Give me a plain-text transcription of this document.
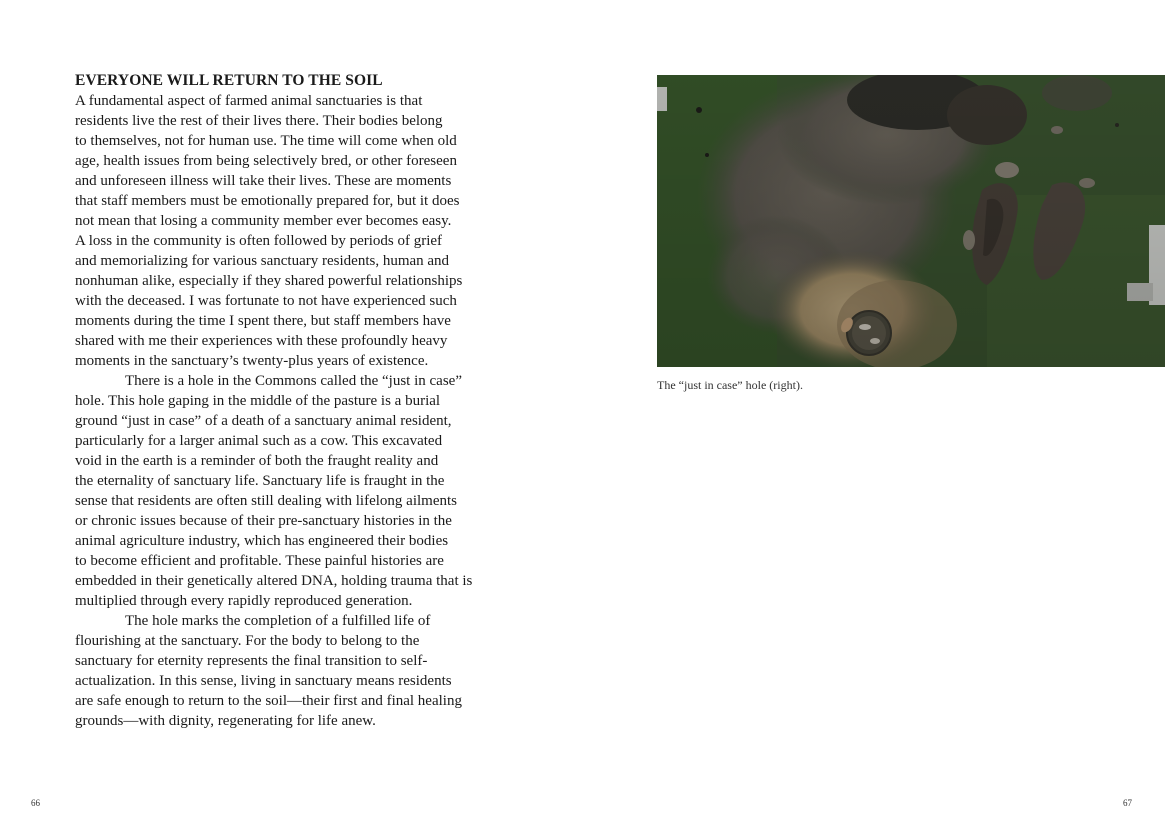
EVERYONE WILL RETURN TO THE SOIL
A fundamental aspect of farmed animal sanctuaries is that
residents live the rest of their lives there. Their bodies belong
to themselves, not for human use. The time will come when old
age, health issues from being selectively bred, or other foreseen
and unforeseen illness will take their lives. These are moments
that staff members must be emotionally prepared for, but it does
not mean that losing a community member ever becomes easy.
A loss in the community is often followed by periods of grief
and memorializing for various sanctuary residents, human and
nonhuman alike, especially if they shared powerful relationships
with the deceased. I was fortunate to not have experienced such
moments during the time I spent there, but staff members have
shared with me their experiences with these profoundly heavy
moments in the sanctuary’s twenty-plus years of existence.
There is a hole in the Commons called the “just in case”
hole. This hole gaping in the middle of the pasture is a burial
ground “just in case” of a death of a sanctuary animal resident,
particularly for a larger animal such as a cow. This excavated
void in the earth is a reminder of both the fraught reality and
the eternality of sanctuary life. Sanctuary life is fraught in the
sense that residents are often still dealing with lifelong ailments
or chronic issues because of their pre-sanctuary histories in the
animal agriculture industry, which has engineered their bodies
to become efficient and profitable. These painful histories are
embedded in their genetically altered DNA, holding trauma that is
multiplied through every rapidly reproduced generation.
The hole marks the completion of a fulfilled life of
flourishing at the sanctuary. For the body to belong to the
sanctuary for eternity represents the final transition to self-
actualization. In this sense, living in sanctuary means residents
are safe enough to return to the soil—their first and final healing
grounds—with dignity, regenerating for life anew.
66
The “just in case” hole (right).
67
